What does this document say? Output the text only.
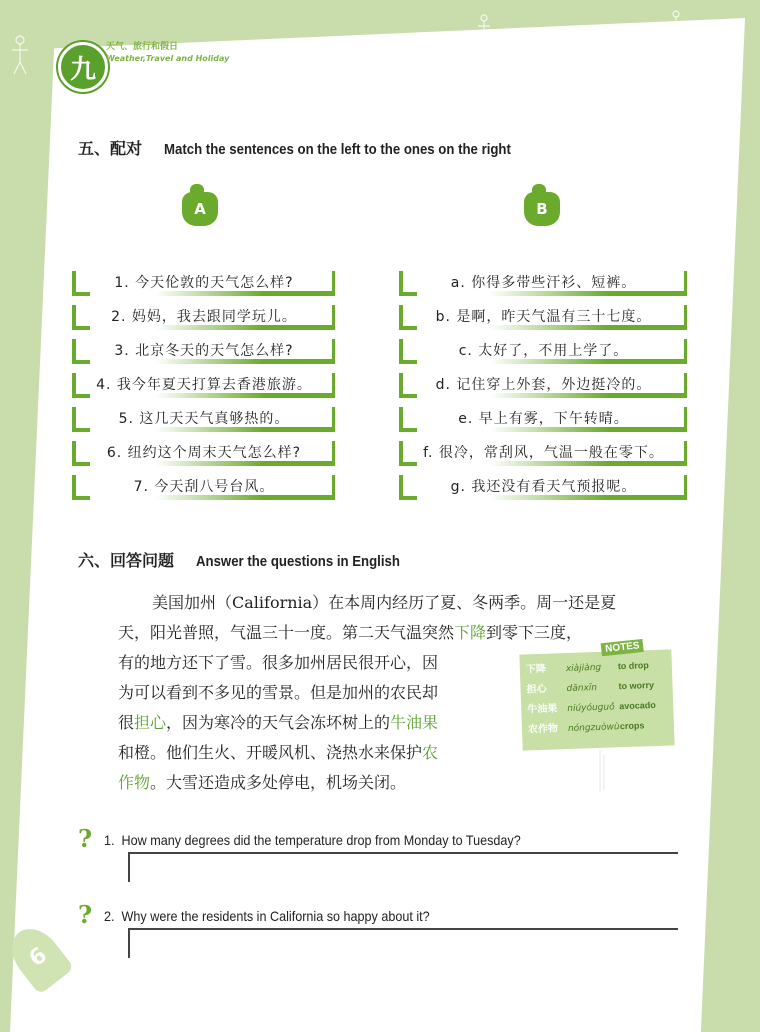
九
天气、旅行和假日
Weather,Travel and Holiday
五、配对 Match the sentences on the left to the ones on the right
A	B
1. 今天伦敦的天气怎么样?
2. 妈妈，我去跟同学玩儿。
3. 北京冬天的天气怎么样?
4. 我今年夏天打算去香港旅游。
5. 这几天天气真够热的。
6. 纽约这个周末天气怎么样?
7. 今天刮八号台风。
a. 你得多带些汗衫、短裤。
b. 是啊，昨天气温有三十七度。
c. 太好了，不用上学了。
d. 记住穿上外套，外边挺冷的。
e. 早上有雾，下午转晴。
f. 很冷，常刮风，气温一般在零下。
g. 我还没有看天气预报呢。
六、回答问题 Answer the questions in English
美国加州（California）在本周内经历了夏、冬两季。周一还是夏
天，阳光普照，气温三十一度。第二天气温突然下降到零下三度，
有的地方还下了雪。很多加州居民很开心，因
为可以看到不多见的雪景。但是加州的农民却
很担心，因为寒冷的天气会冻坏树上的牛油果
和橙。他们生火、开暖风机、浇热水来保护农
作物。大雪还造成多处停电，机场关闭。
NOTES
下降	xiàjiàng	to drop
担心	dānxīn	to worry
牛油果	niúyóuguǒ avocado
农作物	nóngzuòwù crops
? 1. How many degrees did the temperature drop from Monday to Tuesday?
? 2. Why were the residents in California so happy about it?
6
